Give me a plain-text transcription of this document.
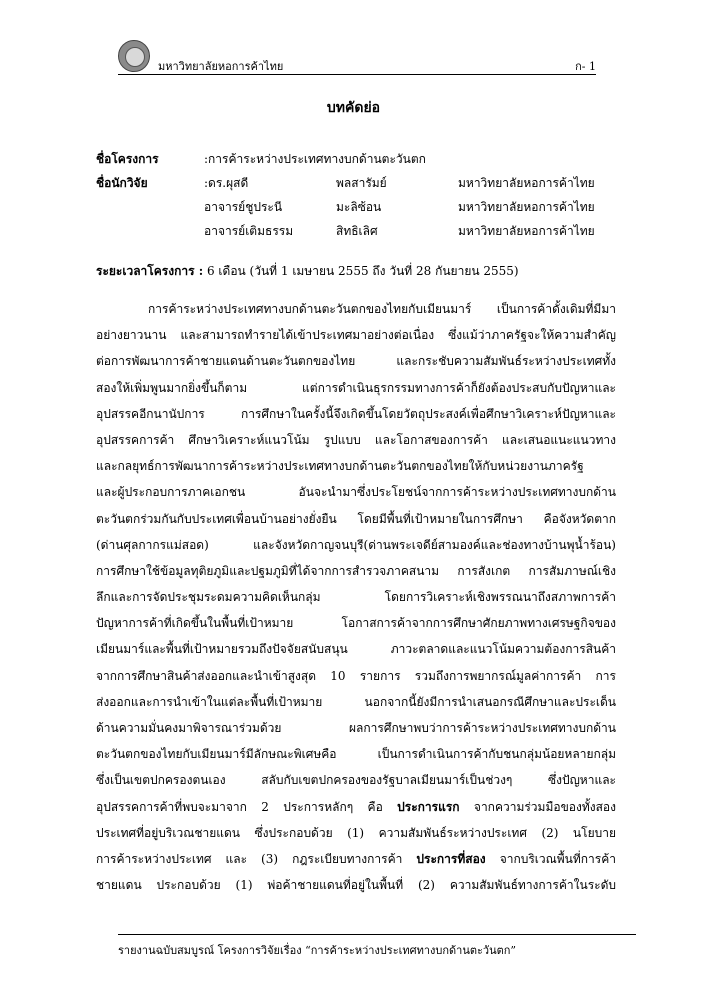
มหาวิทยาลัยหอการค้าไทย	ก- 1
บทคัดย่อ
ชื่อโครงการ	:การค้าระหว่างประเทศทางบกด้านตะวันตก
ชื่อนักวิจัย	:ดร.ผุสดี	พลสารัมย์	มหาวิทยาลัยหอการค้าไทย
อาจารย์ชูประนี	มะลิซ้อน	มหาวิทยาลัยหอการค้าไทย
อาจารย์เติมธรรม	สิทธิเลิศ	มหาวิทยาลัยหอการค้าไทย
ระยะเวลาโครงการ : 6 เดือน (วันที่ 1 เมษายน 2555 ถึง วันที่ 28 กันยายน 2555)
การค้าระหว่างประเทศทางบกด้านตะวันตกของไทยกับเมียนมาร์ เป็นการค้าดั้งเดิมที่มีมา
อย่างยาวนาน และสามารถทำรายได้เข้าประเทศมาอย่างต่อเนื่อง ซึ่งแม้ว่าภาครัฐจะให้ความสำคัญ
ต่อการพัฒนาการค้าชายแดนด้านตะวันตกของไทย และกระชับความสัมพันธ์ระหว่างประเทศทั้ง
สองให้เพิ่มพูนมากยิ่งขึ้นก็ตาม แต่การดำเนินธุรกรรมทางการค้าก็ยังต้องประสบกับปัญหาและ
อุปสรรคอีกนานัปการ การศึกษาในครั้งนี้จึงเกิดขึ้นโดยวัตถุประสงค์เพื่อศึกษาวิเคราะห์ปัญหาและ
อุปสรรคการค้า ศึกษาวิเคราะห์แนวโน้ม รูปแบบ และโอกาสของการค้า และเสนอแนะแนวทาง
และกลยุทธ์การพัฒนาการค้าระหว่างประเทศทางบกด้านตะวันตกของไทยให้กับหน่วยงานภาครัฐ
และผู้ประกอบการภาคเอกชน อันจะนำมาซึ่งประโยชน์จากการค้าระหว่างประเทศทางบกด้าน
ตะวันตกร่วมกันกับประเทศเพื่อนบ้านอย่างยั่งยืน โดยมีพื้นที่เป้าหมายในการศึกษา คือจังหวัดตาก
(ด่านศุลกากรแม่สอด) และจังหวัดกาญจนบุรี(ด่านพระเจดีย์สามองค์และช่องทางบ้านพุน้ำร้อน)
การศึกษาใช้ข้อมูลทุติยภูมิและปฐมภูมิที่ได้จากการสำรวจภาคสนาม การสังเกต การสัมภาษณ์เชิง
ลึกและการจัดประชุมระดมความคิดเห็นกลุ่ม โดยการวิเคราะห์เชิงพรรณนาถึงสภาพการค้า
ปัญหาการค้าที่เกิดขึ้นในพื้นที่เป้าหมาย โอกาสการค้าจากการศึกษาศักยภาพทางเศรษฐกิจของ
เมียนมาร์และพื้นที่เป้าหมายรวมถึงปัจจัยสนับสนุน ภาวะตลาดและแนวโน้มความต้องการสินค้า
จากการศึกษาสินค้าส่งออกและนำเข้าสูงสุด 10 รายการ รวมถึงการพยากรณ์มูลค่าการค้า การ
ส่งออกและการนำเข้าในแต่ละพื้นที่เป้าหมาย นอกจากนี้ยังมีการนำเสนอกรณีศึกษาและประเด็น
ด้านความมั่นคงมาพิจารณาร่วมด้วย ผลการศึกษาพบว่าการค้าระหว่างประเทศทางบกด้าน
ตะวันตกของไทยกับเมียนมาร์มีลักษณะพิเศษคือ เป็นการดำเนินการค้ากับชนกลุ่มน้อยหลายกลุ่ม
ซึ่งเป็นเขตปกครองตนเอง สลับกับเขตปกครองของรัฐบาลเมียนมาร์เป็นช่วงๆ ซึ่งปัญหาและ
อุปสรรคการค้าที่พบจะมาจาก 2 ประการหลักๆ คือ ประการแรก จากความร่วมมือของทั้งสอง
ประเทศที่อยู่บริเวณชายแดน ซึ่งประกอบด้วย (1) ความสัมพันธ์ระหว่างประเทศ (2) นโยบาย
การค้าระหว่างประเทศ และ (3) กฎระเบียบทางการค้า ประการที่สอง จากบริเวณพื้นที่การค้า
ชายแดน ประกอบด้วย (1) พ่อค้าชายแดนที่อยู่ในพื้นที่ (2) ความสัมพันธ์ทางการค้าในระดับ
รายงานฉบับสมบูรณ์ โครงการวิจัยเรื่อง “การค้าระหว่างประเทศทางบกด้านตะวันตก”
